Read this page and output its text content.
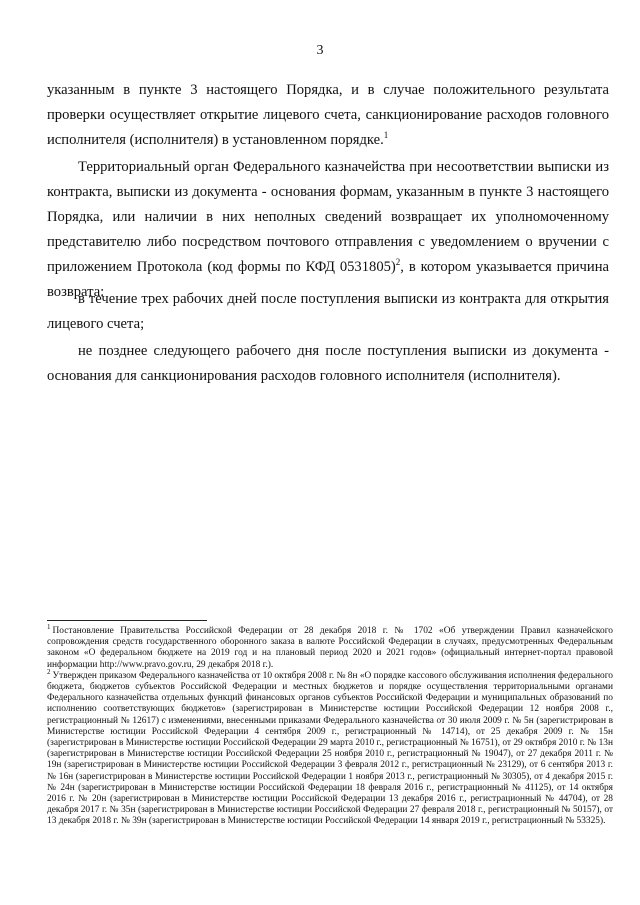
3

указанным в пункте 3 настоящего Порядка, и в случае положительного результата проверки осуществляет открытие лицевого счета, санкционирование расходов головного исполнителя (исполнителя) в установленном порядке.$^1$

Территориальный орган Федерального казначейства при несоответствии выписки из контракта, выписки из документа - основания формам, указанным в пункте 3 настоящего Порядка, или наличии в них неполных сведений возвращает их уполномоченному представителю либо посредством почтового отправления с уведомлением о вручении с приложением Протокола (код формы по КФД 0531805)$^2$, в котором указывается причина возврата:

в течение трех рабочих дней после поступления выписки из контракта для открытия лицевого счета;

не позднее следующего рабочего дня после поступления выписки из документа - основания для санкционирования расходов головного исполнителя (исполнителя).

$^1$ Постановление Правительства Российской Федерации от 28 декабря 2018 г. № 1702 «Об утверждении Правил казначейского сопровождения средств государственного оборонного заказа в валюте Российской Федерации в случаях, предусмотренных Федеральным законом «О федеральном бюджете на 2019 год и на плановый период 2020 и 2021 годов» (официальный интернет-портал правовой информации http://www.pravo.gov.ru, 29 декабря 2018 г.).

$^2$ Утвержден приказом Федерального казначейства от 10 октября 2008 г. № 8н «О порядке кассового обслуживания исполнения федерального бюджета, бюджетов субъектов Российской Федерации и местных бюджетов и порядке осуществления территориальными органами Федерального казначейства отдельных функций финансовых органов субъектов Российской Федерации и муниципальных образований по исполнению соответствующих бюджетов» (зарегистрирован в Министерстве юстиции Российской Федерации 12 ноября 2008 г., регистрационный № 12617) с изменениями, внесенными приказами Федерального казначейства от 30 июля 2009 г. № 5н (зарегистрирован в Министерстве юстиции Российской Федерации 4 сентября 2009 г., регистрационный № 14714), от 25 декабря 2009 г. № 15н (зарегистрирован в Министерстве юстиции Российской Федерации 29 марта 2010 г., регистрационный № 16751), от 29 октября 2010 г. № 13н (зарегистрирован в Министерстве юстиции Российской Федерации 25 ноября 2010 г., регистрационный № 19047), от 27 декабря 2011 г. № 19н (зарегистрирован в Министерстве юстиции Российской Федерации 3 февраля 2012 г., регистрационный № 23129), от 6 сентября 2013 г. № 16н (зарегистрирован в Министерстве юстиции Российской Федерации 1 ноября 2013 г., регистрационный № 30305), от 4 декабря 2015 г. № 24н (зарегистрирован в Министерстве юстиции Российской Федерации 18 февраля 2016 г., регистрационный № 41125), от 14 октября 2016 г. № 20н (зарегистрирован в Министерстве юстиции Российской Федерации 13 декабря 2016 г., регистрационный № 44704), от 28 декабря 2017 г. № 35н (зарегистрирован в Министерстве юстиции Российской Федерации 27 февраля 2018 г., регистрационный № 50157), от 13 декабря 2018 г. № 39н (зарегистрирован в Министерстве юстиции Российской Федерации 14 января 2019 г., регистрационный № 53325).
